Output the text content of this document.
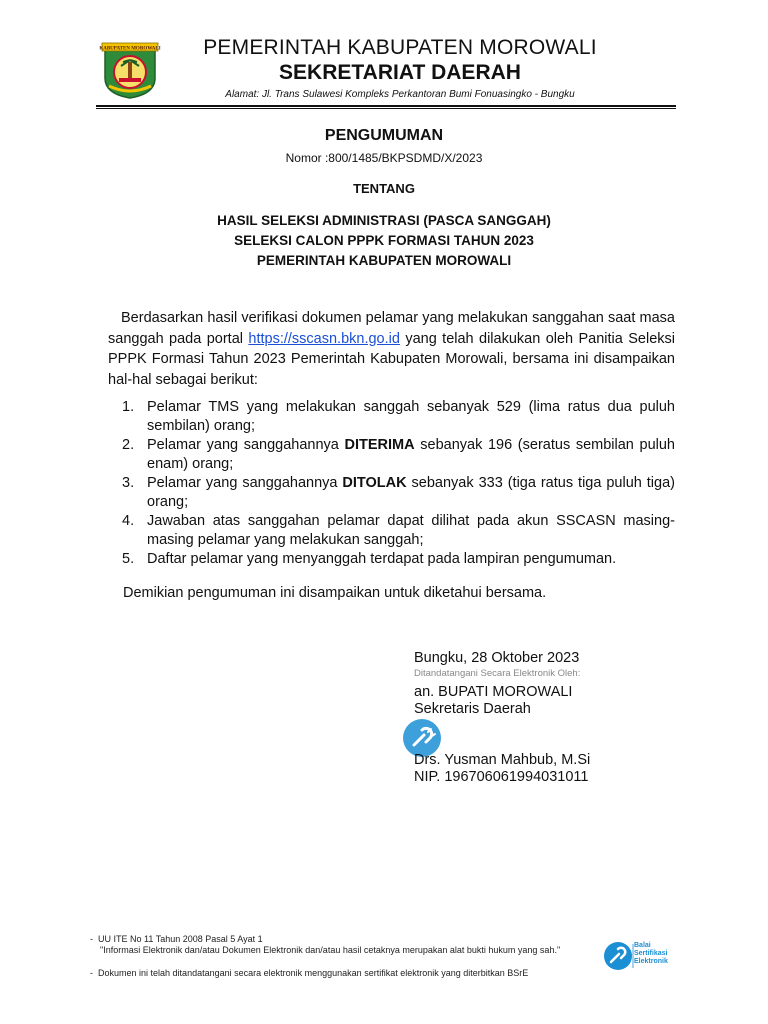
KABUPATEN MOROWALI	PEMERINTAH KABUPATEN MOROWALI
SEKRETARIAT DAERAH
Alamat: Jl. Trans Sulawesi Kompleks Perkantoran Bumi Fonuasingko - Bungku
PENGUMUMAN
Nomor :800/1485/BKPSDMD/X/2023
TENTANG
HASIL SELEKSI ADMINISTRASI (PASCA SANGGAH)
SELEKSI CALON PPPK FORMASI TAHUN 2023
PEMERINTAH KABUPATEN MOROWALI

Berdasarkan hasil verifikasi dokumen pelamar yang melakukan sanggahan saat masa sanggah pada portal https://sscasn.bkn.go.id yang telah dilakukan oleh Panitia Seleksi PPPK Formasi Tahun 2023 Pemerintah Kabupaten Morowali, bersama ini disampaikan hal-hal sebagai berikut:

1. Pelamar TMS yang melakukan sanggah sebanyak 529 (lima ratus dua puluh sembilan) orang;
2. Pelamar yang sanggahannya DITERIMA sebanyak 196 (seratus sembilan puluh enam) orang;
3. Pelamar yang sanggahannya DITOLAK sebanyak 333 (tiga ratus tiga puluh tiga) orang;
4. Jawaban atas sanggahan pelamar dapat dilihat pada akun SSCASN masing-masing pelamar yang melakukan sanggah;
5. Daftar pelamar yang menyanggah terdapat pada lampiran pengumuman.
Demikian pengumuman ini disampaikan untuk diketahui bersama.
Bungku, 28 Oktober 2023
Ditandatangani Secara Elektronik Oleh:
an. BUPATI MOROWALI
Sekretaris Daerah
Drs. Yusman Mahbub, M.Si
NIP. 196706061994031011
- UU ITE No 11 Tahun 2008 Pasal 5 Ayat 1
"Informasi Elektronik dan/atau Dokumen Elektronik dan/atau hasil cetaknya merupakan alat bukti hukum yang sah."
- Dokumen ini telah ditandatangani secara elektronik menggunakan sertifikat elektronik yang diterbitkan BSrE
Balai
Sertifikasi
Elektronik
